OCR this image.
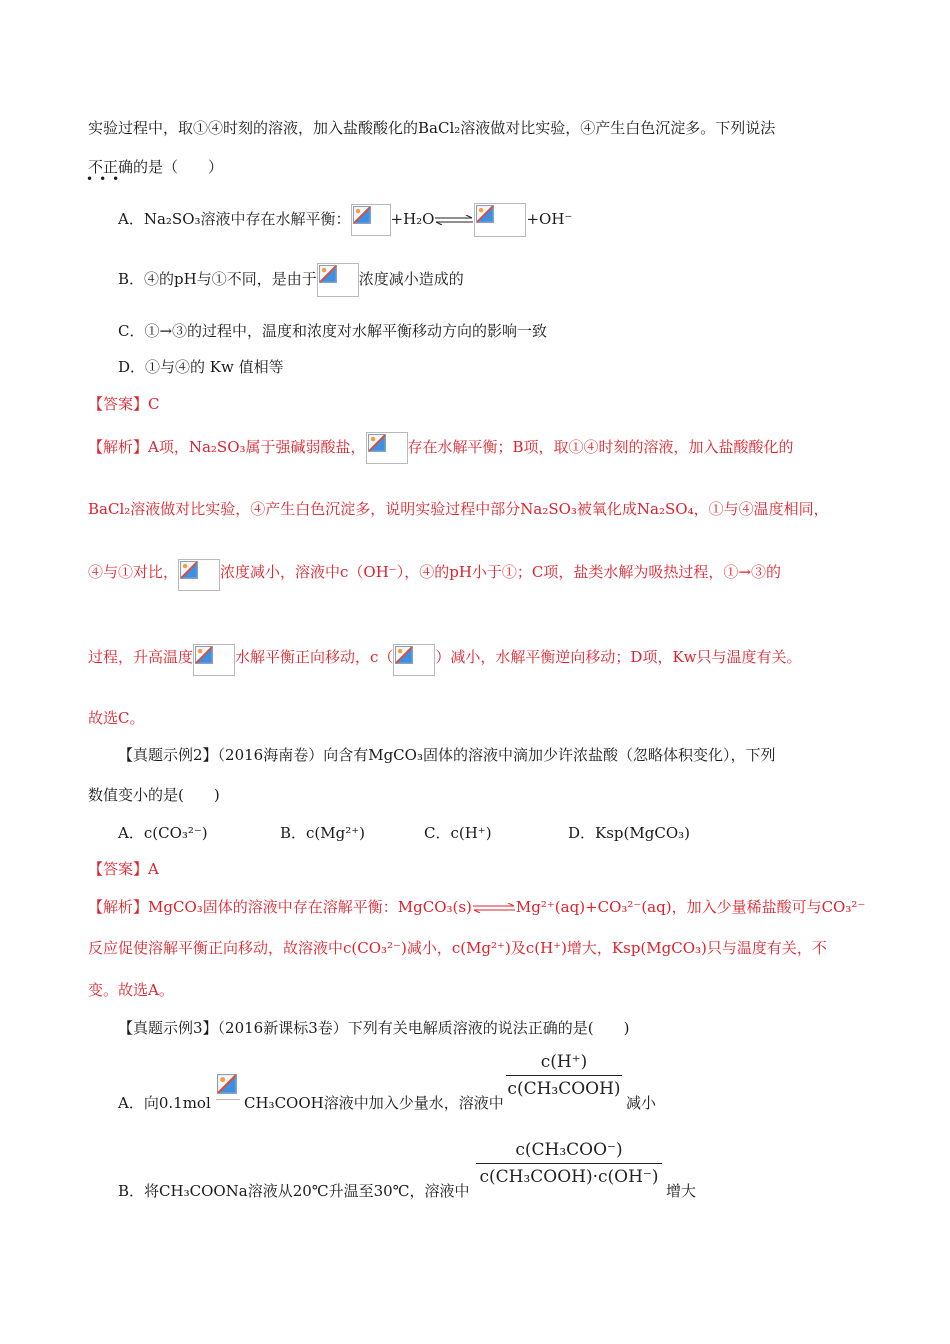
实验过程中，取①④时刻的溶液，加入盐酸酸化的BaCl₂溶液做对比实验，④产生白色沉淀多。下列说法
不正确的是（　　）
•••
A．Na₂SO₃溶液中存在水解平衡：	+H₂O⇌	+OH⁻
B．④的pH与①不同，是由于	浓度减小造成的
C．①→③的过程中，温度和浓度对水解平衡移动方向的影响一致
D．①与④的 Kw 值相等
【答案】C
【解析】A项，Na₂SO₃属于强碱弱酸盐，	存在水解平衡；B项，取①④时刻的溶液，加入盐酸酸化的
BaCl₂溶液做对比实验，④产生白色沉淀多，说明实验过程中部分Na₂SO₃被氧化成Na₂SO₄，①与④温度相同，
④与①对比，	浓度减小，溶液中c（OH⁻），④的pH小于①；C项，盐类水解为吸热过程，①→③的
过程，升高温度	水解平衡正向移动，c（	）减小，水解平衡逆向移动；D项，Kw只与温度有关。
故选C。
【真题示例2】（2016海南卷）向含有MgCO₃固体的溶液中滴加少许浓盐酸（忽略体积变化），下列
数值变小的是(　　)
A．c(CO₃²⁻)	B．c(Mg²⁺)	C．c(H⁺)	D．Ksp(MgCO₃)
【答案】A
【解析】MgCO₃固体的溶液中存在溶解平衡：MgCO₃(s)⇌Mg²⁺(aq)+CO₃²⁻(aq)，加入少量稀盐酸可与CO₃²⁻
反应促使溶解平衡正向移动，故溶液中c(CO₃²⁻)减小，c(Mg²⁺)及c(H⁺)增大，Ksp(MgCO₃)只与温度有关，不
变。故选A。
【真题示例3】（2016新课标3卷）下列有关电解质溶液的说法正确的是(　　)
A．向0.1mol CH₃COOH溶液中加入少量水，溶液中
c(H⁺)
c(CH₃COOH)
减小
B．将CH₃COONa溶液从20℃升温至30℃，溶液中
c(CH₃COO⁻)
c(CH₃COOH)·c(OH⁻)
增大
